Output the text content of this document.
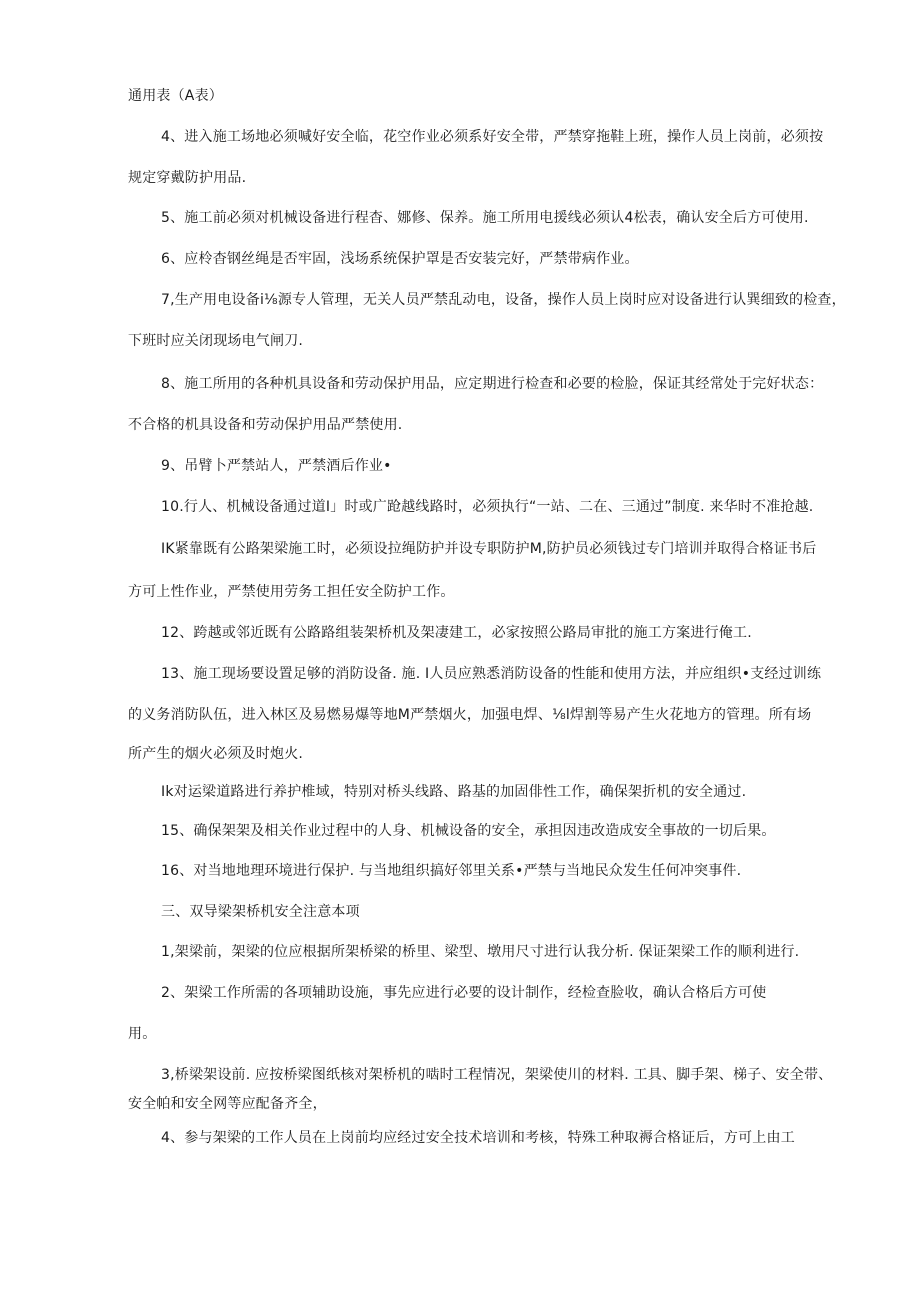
通用表（A表）
4、进入施工场地必须喊好安全临，花空作业必须系好安全带，严禁穿拖鞋上班，操作人员上岗前，必须按
规定穿戴防护用品.
5、施工前必须对机械设备进行程杳、娜修、保养。施工所用电援线必须认4松表，确认安全后方可使用.
6、应柃杳钢丝绳是否牢固，浅场系统保护罩是否安装完好，严禁带病作业。
7,生产用电设备i⅛源专人管理，无关人员严禁乱动电，设备，操作人员上岗时应对设备进行认巽细致的检查，
下班时应关闭现场电气闸刀.
8、施工所用的各种机具设备和劳动保护用品，应定期进行检查和必要的检脸，保证其经常处于完好状态：
不合格的机具设备和劳动保护用品严禁使用.
9、吊臂卜严禁站人，严禁酒后作业•
10.行人、机械设备通过道I」时或广跄越线路时，必须执行“一站、二在、三通过”制度. 来华时不准抢越.
IK紧靠既有公路架梁施工时，必须设拉绳防护并设专职防护M,防护员必须钱过专门培训并取得合格证书后
方可上性作业，严禁使用劳务工担任安全防护工作。
12、跨越或邻近既有公路路组装架桥机及架凄建工，必家按照公路局审批的施工方案进行俺工.
13、施工现场要设置足够的消防设备. 施. I人员应熟悉消防设备的性能和使用方法，并应组织•支经过训练
的义务消防队伍，进入林区及易燃易爆等地M严禁烟火，加强电焊、⅛l焊割等易产生火花地方的管理。所有场
所产生的烟火必须及时炮火.
Ik对运梁道路进行养护椎域，特别对桥头线路、路基的加固俳性工作，确保架折机的安全通过.
15、确保架架及相关作业过程中的人身、机械设备的安全，承担因违改造成安全事故的一切后果。
16、对当地地理环境进行保护. 与当地组织搞好邻里关系•严禁与当地民众发生任何冲突事件.
三、双导梁架桥机安全注意本项
1,架梁前，架梁的位应根据所架桥梁的桥里、梁型、墩用尺寸进行认我分析. 保证架梁工作的顺利进行.
2、架梁工作所需的各项辅助设施，事先应进行必要的设计制作，经检查脸收，确认合格后方可使
用。
3,桥梁架设前. 应按桥梁图纸核对架桥机的啮时工程情况，架梁使川的材料. 工具、脚手架、梯子、安全带、
安全帕和安全网等应配备齐全，
4、参与架梁的工作人员在上岗前均应经过安全技术培训和考核，特殊工种取褥合格证后，方可上由工
